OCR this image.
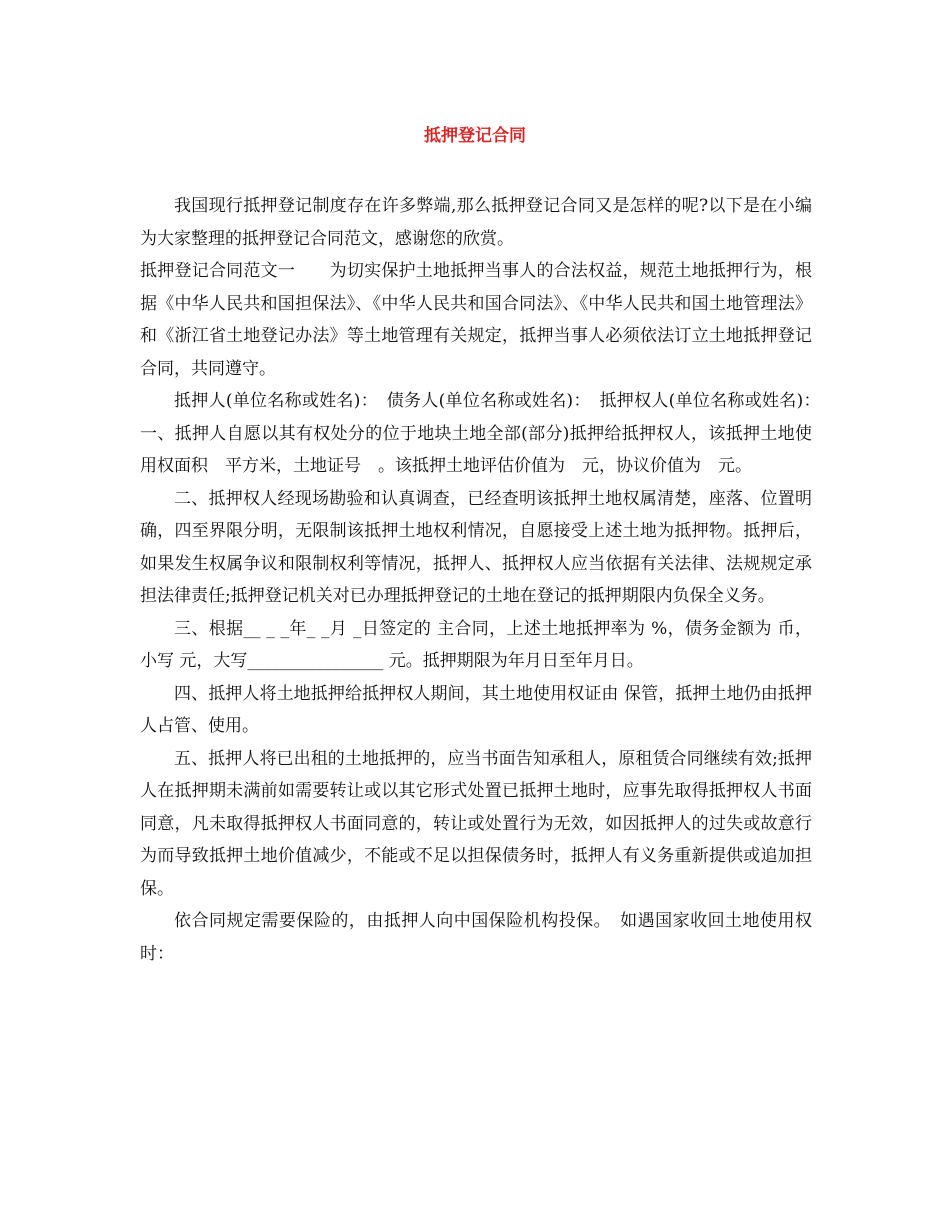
抵押登记合同

我国现行抵押登记制度存在许多弊端,那么抵押登记合同又是怎样的呢?以下是在小编为大家整理的抵押登记合同范文，感谢您的欣赏。

抵押登记合同范文一　　为切实保护土地抵押当事人的合法权益，规范土地抵押行为，根据《中华人民共和国担保法》、《中华人民共和国合同法》、《中华人民共和国土地管理法》和《浙江省土地登记办法》等土地管理有关规定，抵押当事人必须依法订立土地抵押登记合同，共同遵守。

抵押人(单位名称或姓名)：　债务人(单位名称或姓名)：　抵押权人(单位名称或姓名)：　一、抵押人自愿以其有权处分的位于地块土地全部(部分)抵押给抵押权人，该抵押土地使用权面积　平方米，土地证号　。该抵押土地评估价值为　元，协议价值为　元。

二、抵押权人经现场勘验和认真调查，已经查明该抵押土地权属清楚，座落、位置明确，四至界限分明，无限制该抵押土地权利情况，自愿接受上述土地为抵押物。抵押后，如果发生权属争议和限制权利等情况，抵押人、抵押权人应当依据有关法律、法规规定承担法律责任;抵押登记机关对已办理抵押登记的土地在登记的抵押期限内负保全义务。

三、根据__ _ _年_ _月 _日签定的 主合同，上述土地抵押率为 %，债务金额为 币，小写 元，大写________________ 元。抵押期限为年月日至年月日。

四、抵押人将土地抵押给抵押权人期间，其土地使用权证由 保管，抵押土地仍由抵押人占管、使用。

五、抵押人将已出租的土地抵押的，应当书面告知承租人，原租赁合同继续有效;抵押人在抵押期未满前如需要转让或以其它形式处置已抵押土地时，应事先取得抵押权人书面同意，凡未取得抵押权人书面同意的，转让或处置行为无效，如因抵押人的过失或故意行为而导致抵押土地价值减少，不能或不足以担保债务时，抵押人有义务重新提供或追加担保。

依合同规定需要保险的，由抵押人向中国保险机构投保。　如遇国家收回土地使用权时：
